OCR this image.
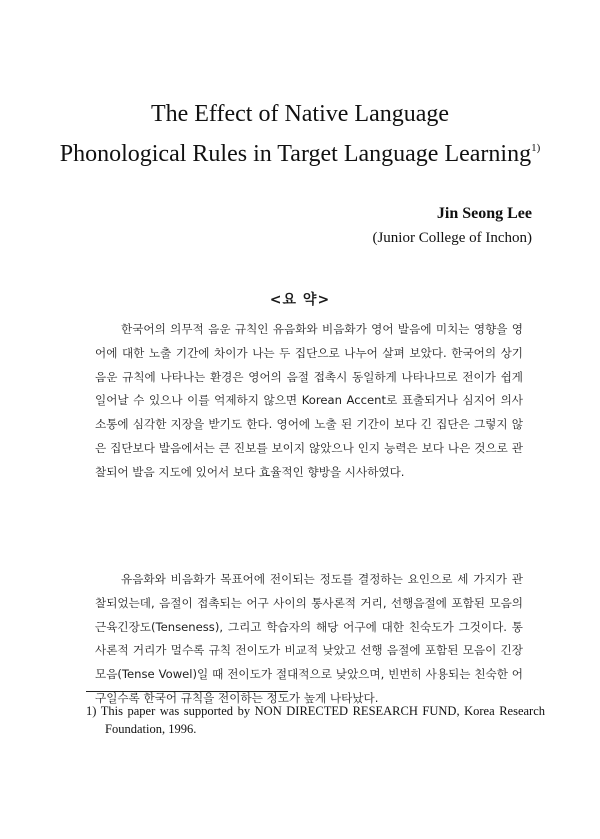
The Effect of Native Language
Phonological Rules in Target Language Learning$^{1)}$
Jin Seong Lee
(Junior College of Inchon)
<요 약>

한국어의 의무적 음운 규칙인 유음화와 비음화가 영어 발음에 미치는 영향을 영어에 대한 노출 기간에 차이가 나는 두 집단으로 나누어 살펴 보았다. 한국어의 상기 음운 규칙에 나타나는 환경은 영어의 음절 접촉시 동일하게 나타나므로 전이가 쉽게 일어날 수 있으나 이를 억제하지 않으면 Korean Accent로 표출되거나 심지어 의사 소통에 심각한 지장을 받기도 한다. 영어에 노출 된 기간이 보다 긴 집단은 그렇지 않은 집단보다 발음에서는 큰 진보를 보이지 않았으나 인지 능력은 보다 나은 것으로 관찰되어 발음 지도에 있어서 보다 효율적인 향방을 시사하였다.

유음화와 비음화가 목표어에 전이되는 정도를 결정하는 요인으로 세 가지가 관찰되었는데, 음절이 접촉되는 어구 사이의 통사론적 거리, 선행음절에 포함된 모음의 근육긴장도(Tenseness), 그리고 학습자의 해당 어구에 대한 친숙도가 그것이다. 통사론적 거리가 멀수록 규칙 전이도가 비교적 낮았고 선행 음절에 포함된 모음이 긴장모음(Tense Vowel)일 때 전이도가 절대적으로 낮았으며, 빈번히 사용되는 친숙한 어구일수록 한국어 규칙을 전이하는 정도가 높게 나타났다.

1) This paper was supported by NON DIRECTED RESEARCH FUND, Korea Research Foundation, 1996.
